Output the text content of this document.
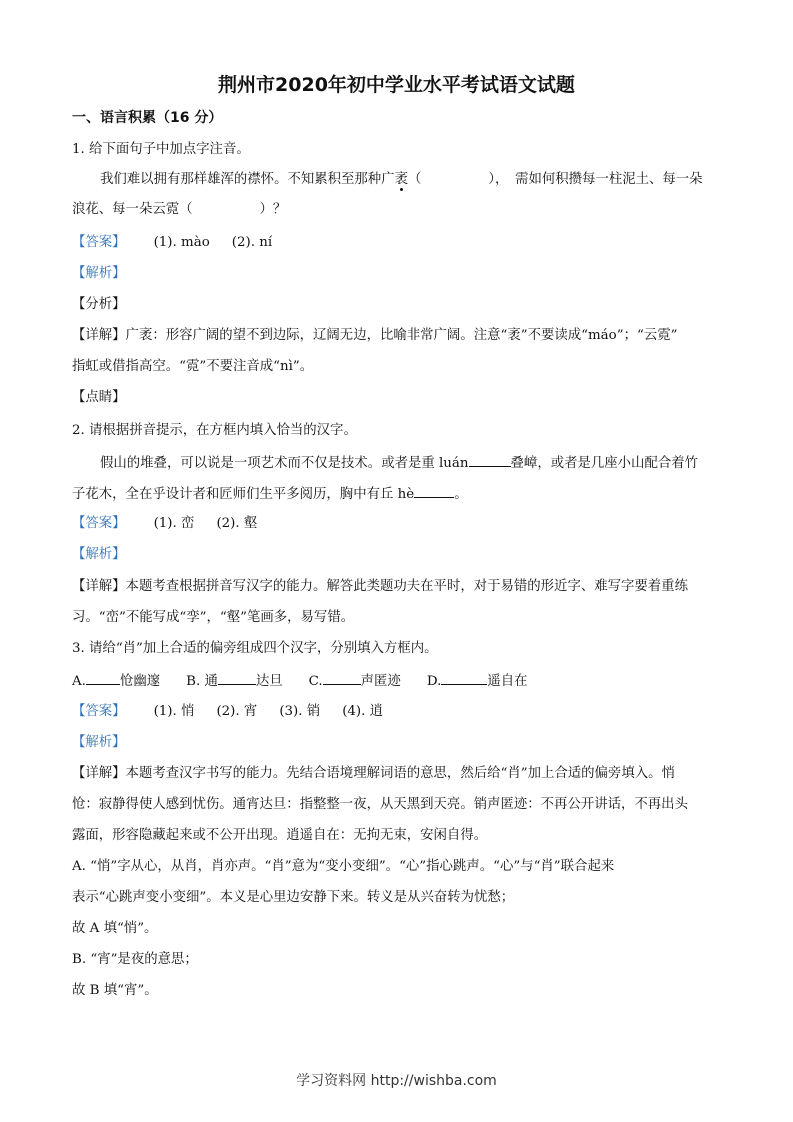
荆州市2020年初中学业水平考试语文试题
一、语言积累（16 分）
1. 给下面句子中加点字注音。
我们难以拥有那样雄浑的襟怀。不知累积至那种广袤（　　　　　），　需如何积攒每一柱泥土、每一朵
浪花、每一朵云霓（　　　　　）？
【答案】 (1). mào (2). ní
【解析】
【分析】
【详解】广袤：形容广阔的望不到边际，辽阔无边，比喻非常广阔。注意“袤”不要读成“máo”；“云霓”
指虹或借指高空。“霓”不要注音成“nì”。
【点睛】
2. 请根据拼音提示，在方框内填入恰当的汉字。
假山的堆叠，可以说是一项艺术而不仅是技术。或者是重 luán	叠嶂，或者是几座小山配合着竹
子花木，全在乎设计者和匠师们生平多阅历，胸中有丘 hè	。
【答案】 (1). 峦 (2). 壑
【解析】
【详解】本题考查根据拼音写汉字的能力。解答此类题功夫在平时，对于易错的形近字、难写字要着重练
习。“峦”不能写成“孪”，“壑”笔画多，易写错。
3. 请给“肖”加上合适的偏旁组成四个汉字，分别填入方框内。
A.	怆幽邃 B. 通	达旦 C.	声匿迹 D.	遥自在
【答案】 (1). 悄 (2). 宵 (3). 销 (4). 逍
【解析】
【详解】本题考查汉字书写的能力。先结合语境理解词语的意思，然后给“肖”加上合适的偏旁填入。悄
怆：寂静得使人感到忧伤。通宵达旦：指整整一夜，从天黑到天亮。销声匿迹：不再公开讲话，不再出头
露面，形容隐藏起来或不公开出现。逍遥自在：无拘无束，安闲自得。
A. “悄”字从心，从肖，肖亦声。“肖”意为“变小变细”。“心”指心跳声。“心”与“肖”联合起来
表示“心跳声变小变细”。本义是心里边安静下来。转义是从兴奋转为忧愁；
故 A 填“悄”。
B. “宵”是夜的意思；
故 B 填“宵”。
学习资料网 http://wishba.com
